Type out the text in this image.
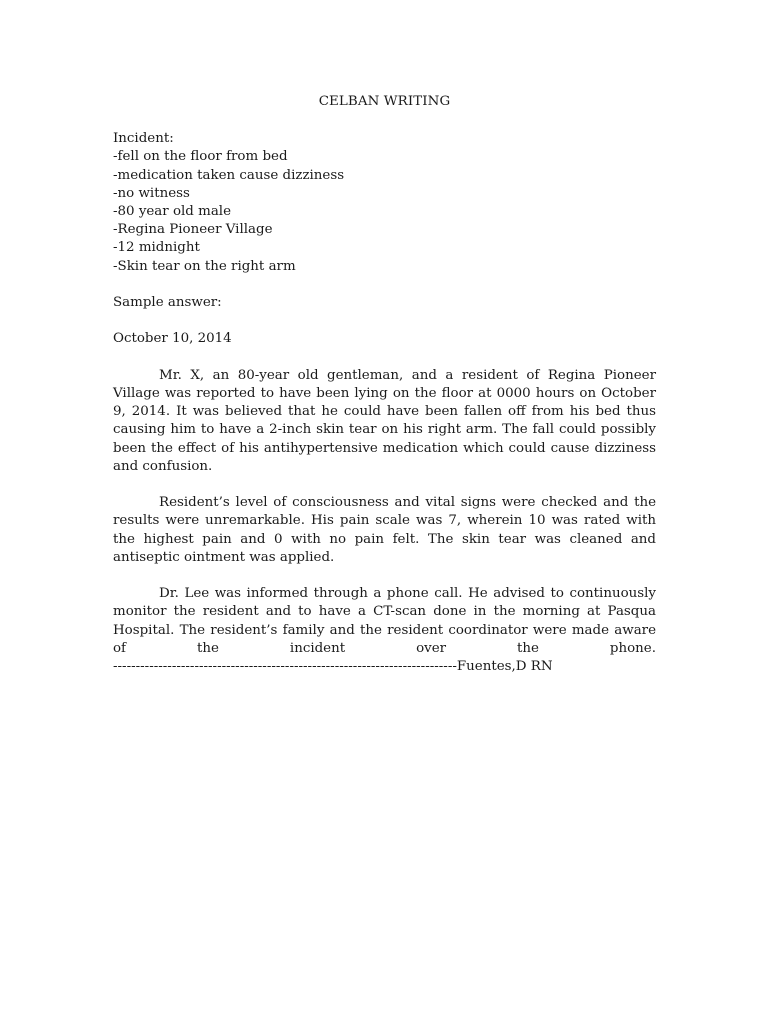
CELBAN WRITING

Incident:

-fell on the floor from bed
-medication taken cause dizziness
-no witness
-80 year old male
-Regina Pioneer Village
-12 midnight
-Skin tear on the right arm

Sample answer:

October 10, 2014

Mr. X, an 80-year old gentleman, and a resident of Regina Pioneer Village was reported to have been lying on the floor at 0000 hours on October 9, 2014. It was believed that he could have been fallen off from his bed thus causing him to have a 2-inch skin tear on his right arm. The fall could possibly been the effect of his antihypertensive medication which could cause dizziness and confusion.

Resident’s level of consciousness and vital signs were checked and the results were unremarkable. His pain scale was 7, wherein 10 was rated with the highest pain and 0 with no pain felt. The skin tear was cleaned and antiseptic ointment was applied.

Dr. Lee was informed through a phone call. He advised to continuously monitor the resident and to have a CT-scan done in the morning at Pasqua Hospital. The resident’s family and the resident coordinator were made aware of the incident over the phone.

----------------------------------------------------------------------------Fuentes,D RN
